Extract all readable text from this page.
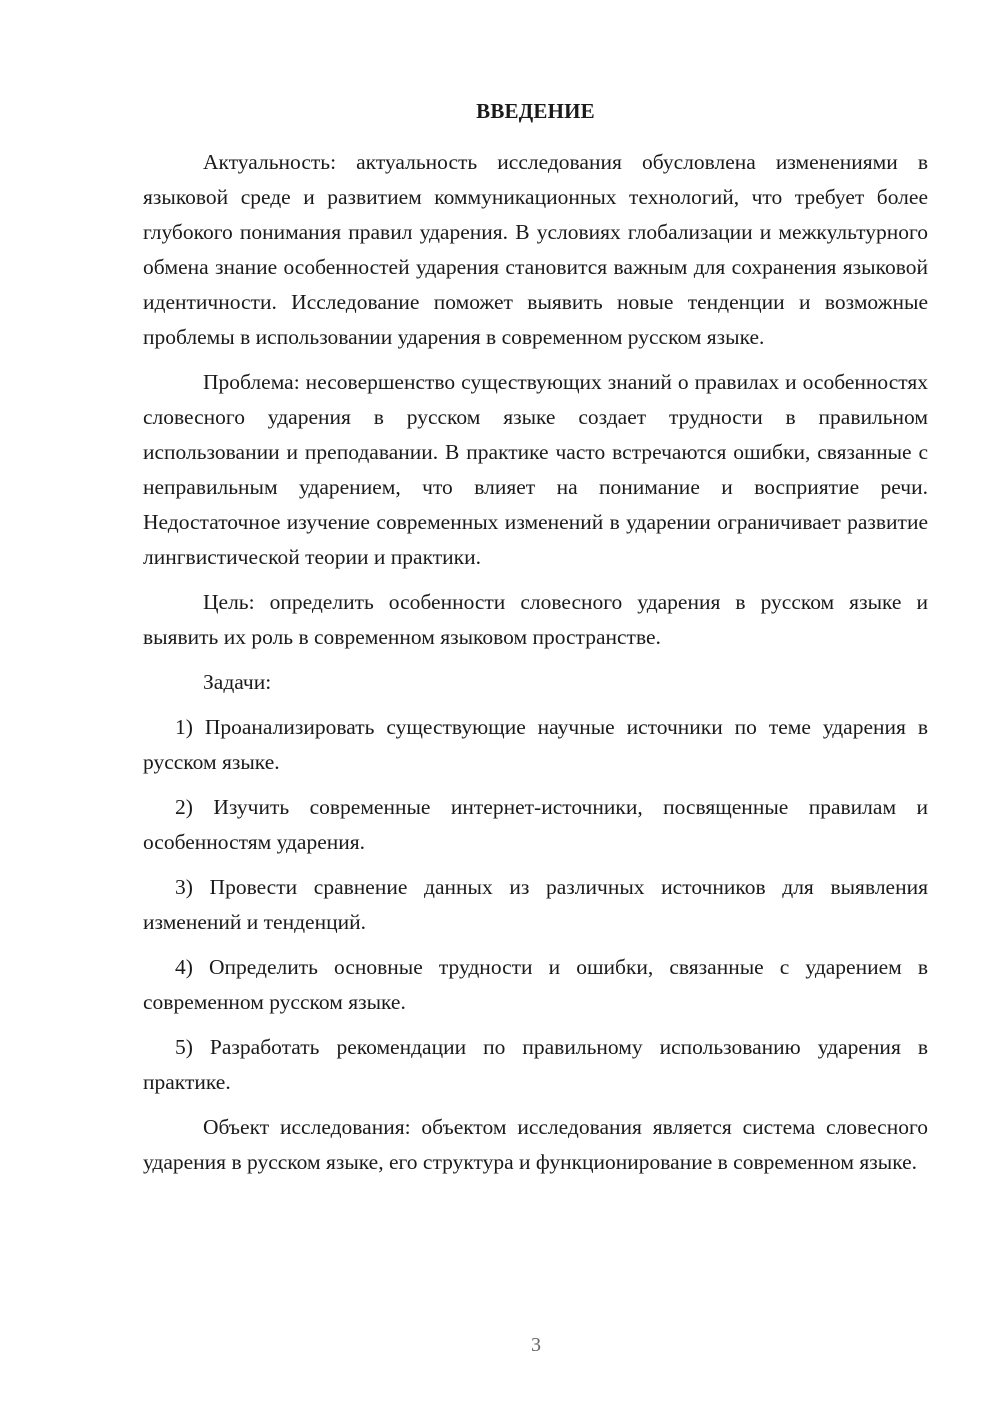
ВВЕДЕНИЕ

Актуальность: актуальность исследования обусловлена изменениями в языковой среде и развитием коммуникационных технологий, что требует более глубокого понимания правил ударения. В условиях глобализации и межкультурного обмена знание особенностей ударения становится важным для сохранения языковой идентичности. Исследование поможет выявить новые тенденции и возможные проблемы в использовании ударения в современном русском языке.

Проблема: несовершенство существующих знаний о правилах и особенностях словесного ударения в русском языке создает трудности в правильном использовании и преподавании. В практике часто встречаются ошибки, связанные с неправильным ударением, что влияет на понимание и восприятие речи. Недостаточное изучение современных изменений в ударении ограничивает развитие лингвистической теории и практики.

Цель: определить особенности словесного ударения в русском языке и выявить их роль в современном языковом пространстве.

Задачи:

1) Проанализировать существующие научные источники по теме ударения в русском языке.

2) Изучить современные интернет-источники, посвященные правилам и особенностям ударения.

3) Провести сравнение данных из различных источников для выявления изменений и тенденций.

4) Определить основные трудности и ошибки, связанные с ударением в современном русском языке.

5) Разработать рекомендации по правильному использованию ударения в практике.

Объект исследования: объектом исследования является система словесного ударения в русском языке, его структура и функционирование в современном языке.

3
